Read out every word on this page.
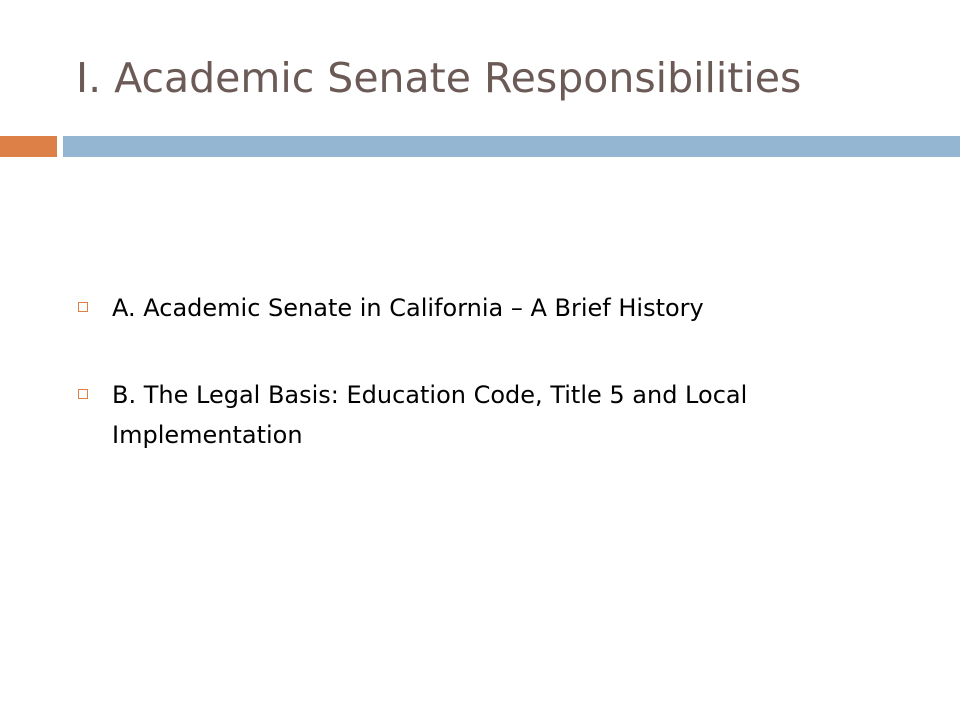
I. Academic Senate Responsibilities
A. Academic Senate in California – A Brief History
B. The Legal Basis: Education Code, Title 5 and Local Implementation
